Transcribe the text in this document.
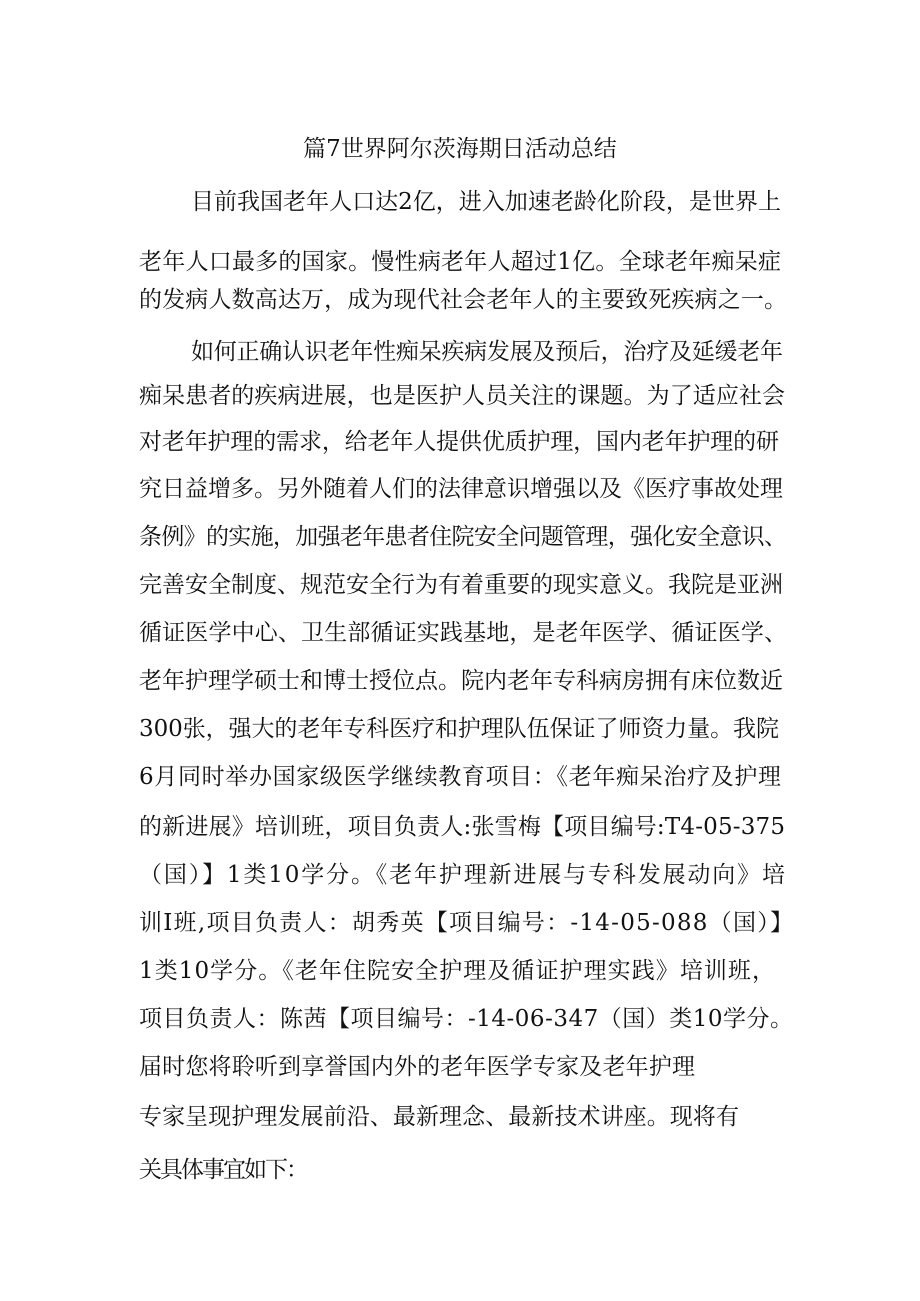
篇7世界阿尔茨海期日活动总结
目前我国老年人口达2亿，进入加速老龄化阶段，是世界上
老年人口最多的国家。慢性病老年人超过1亿。全球老年痴呆症
的发病人数高达万，成为现代社会老年人的主要致死疾病之一。
如何正确认识老年性痴呆疾病发展及预后，治疗及延缓老年
痴呆患者的疾病进展，也是医护人员关注的课题。为了适应社会
对老年护理的需求，给老年人提供优质护理，国内老年护理的研
究日益增多。另外随着人们的法律意识增强以及《医疗事故处理
条例》的实施，加强老年患者住院安全问题管理，强化安全意识、
完善安全制度、规范安全行为有着重要的现实意义。我院是亚洲
循证医学中心、卫生部循证实践基地，是老年医学、循证医学、
老年护理学硕士和博士授位点。院内老年专科病房拥有床位数近
300张，强大的老年专科医疗和护理队伍保证了师资力量。我院
6月同时举办国家级医学继续教育项目：《老年痴呆治疗及护理
的新进展》培训班，项目负责人:张雪梅【项目编号:T4-05-375
（国）】1类10学分。《老年护理新进展与专科发展动向》培
训I班,项目负责人：胡秀英【项目编号：-14-05-088（国）】
1类10学分。《老年住院安全护理及循证护理实践》培训班，
项目负责人：陈茜【项目编号：-14-06-347（国）类10学分。
届时您将聆听到享誉国内外的老年医学专家及老年护理
专家呈现护理发展前沿、最新理念、最新技术讲座。现将有
关具体事宜如下：
